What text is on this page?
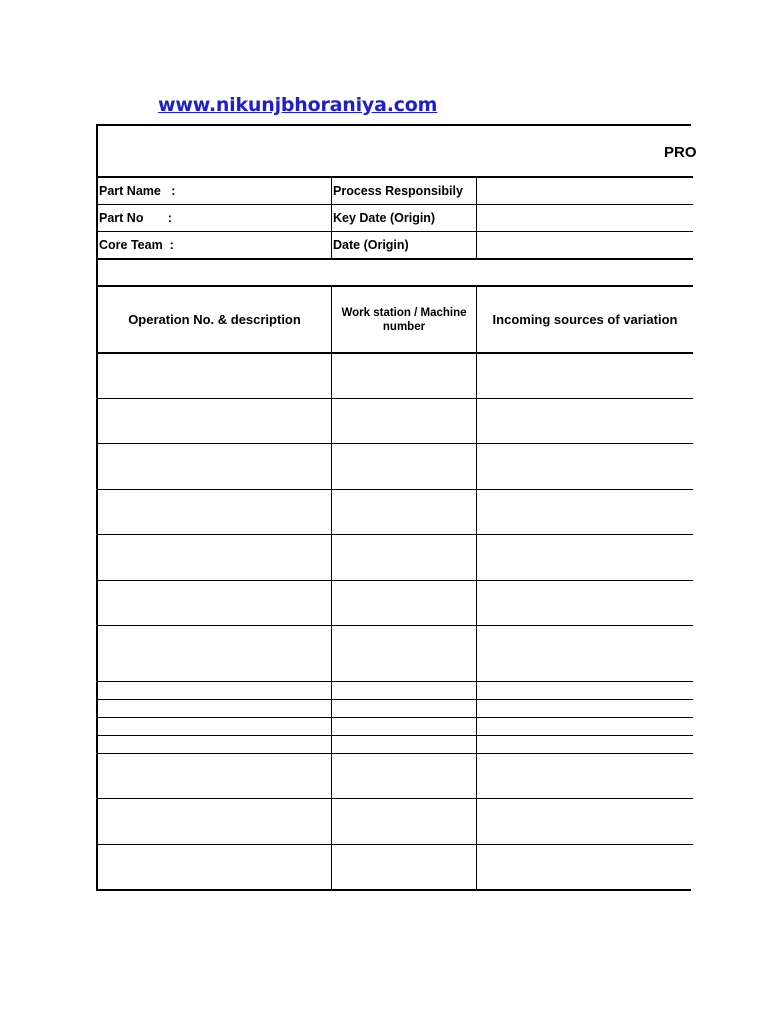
www.nikunjbhoraniya.com
PRO
Part Name   :	Process Responsibily
Part No       :	Key Date (Origin)
Core Team  :	Date (Origin)
Operation No. & description	Work station / Machine number	Incoming sources of variation
